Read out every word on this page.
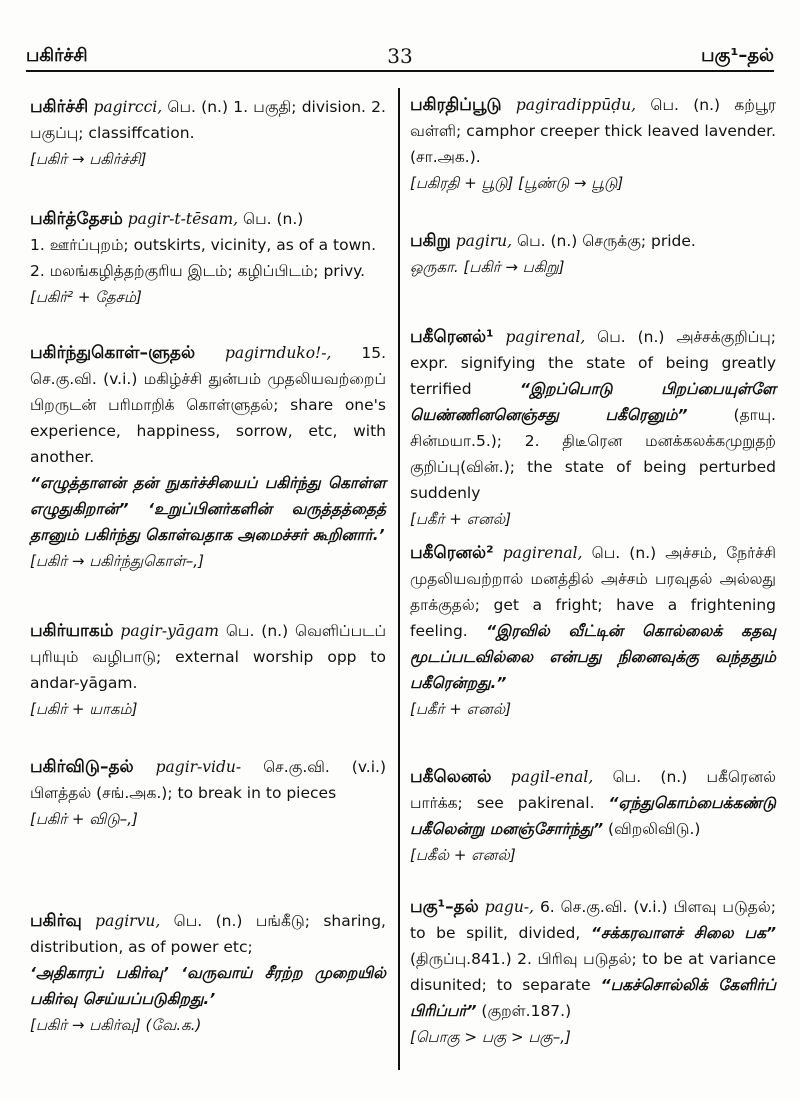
பகிர்ச்சி	33	பகு¹–தல்

பகிர்ச்சி pagircci, பெ. (n.) 1. பகுதி; division. 2. பகுப்பு; classiffcation.

[பகிர் → பகிர்ச்சி]

பகிர்த்தேசம் pagir-t-tēsam, பெ. (n.)

1. ஊர்ப்புறம்; outskirts, vicinity, as of a town.

2. மலங்கழித்தற்குரிய இடம்; கழிப்பிடம்; privy.

[பகிர்² + தேசம்]

பகிர்ந்துகொள்–ளுதல் pagirnduko!-, 15. செ.கு.வி. (v.i.) மகிழ்ச்சி துன்பம் முதலியவற்றைப் பிறருடன் பரிமாறிக் கொள்ளுதல்; share one's experience, happiness, sorrow, etc, with another.

“எழுத்தாளன் தன் நுகர்ச்சியைப் பகிர்ந்து கொள்ள எழுதுகிறான்” ‘உறுப்பினர்களின் வருத்தத்தைத் தானும் பகிர்ந்து கொள்வதாக அமைச்சர் கூறினார்.’

[பகிர் → பகிர்ந்துகொள்–,]

பகிர்யாகம் pagir-yāgam பெ. (n.) வெளிப்படப் புரியும் வழிபாடு; external worship opp to andar-yāgam.

[பகிர் + யாகம்]

பகிர்விடு–தல் pagir-vidu- செ.கு.வி. (v.i.) பிளத்தல் (சங்.அக.); to break in to pieces

[பகிர் + விடு–,]

பகிர்வு pagirvu, பெ. (n.) பங்கீடு; sharing, distribution, as of power etc;

‘அதிகாரப் பகிர்வு’ ‘வருவாய் சீரற்ற முறையில் பகிர்வு செய்யப்படுகிறது.’

[பகிர் → பகிர்வு] (வே.க.)

பகிரதிப்பூடு pagiradippūḍu, பெ. (n.) கற்பூர வள்ளி; camphor creeper thick leaved lavender. (சா.அக.).

[பகிரதி + பூடு] [பூண்டு → பூடு]

பகிறு pagiru, பெ. (n.) செருக்கு; pride.

ஒருகா. [பகிர் → பகிறு]

பகீரெனல்¹ pagirenal, பெ. (n.) அச்சக்குறிப்பு; expr. signifying the state of being greatly terrified	“இறப்பொடு பிறப்பையுள்ளே யெண்ணினனெஞ்சது பகீரெனும்”	(தாயு. சின்மயா.5.); 2. திடீரென மனக்கலக்கமுறுதற் குறிப்பு(வின்.); the state of being perturbed suddenly

[பகீர் + எனல்]

பகீரெனல்² pagirenal, பெ. (n.) அச்சம், நேர்ச்சி முதலியவற்றால் மனத்தில் அச்சம் பரவுதல் அல்லது தாக்குதல்; get a fright; have a frightening feeling. “இரவில் வீட்டின் கொல்லைக் கதவு மூடப்படவில்லை என்பது நினைவுக்கு வந்ததும் பகீரென்றது.”

[பகீர் + எனல்]

பகீலெனல் pagil-enal, பெ. (n.) பகீரெனல் பார்க்க; see pakirenal. “ஏந்துகொம்பைக்கண்டு பகீலென்று மனஞ்சோர்ந்து” (விறலிவிடு.)

[பகீல் + எனல்]

பகு¹–தல் pagu-, 6. செ.கு.வி. (v.i.) பிளவு படுதல்; to be spilit, divided, “சக்கரவாளச் சிலை பக” (திருப்பு.841.) 2. பிரிவு படுதல்; to be at variance disunited; to separate “பகச்சொல்லிக் கேளிர்ப் பிரிப்பர்” (குறள்.187.)

[பொகு > பகு > பகு–,]
